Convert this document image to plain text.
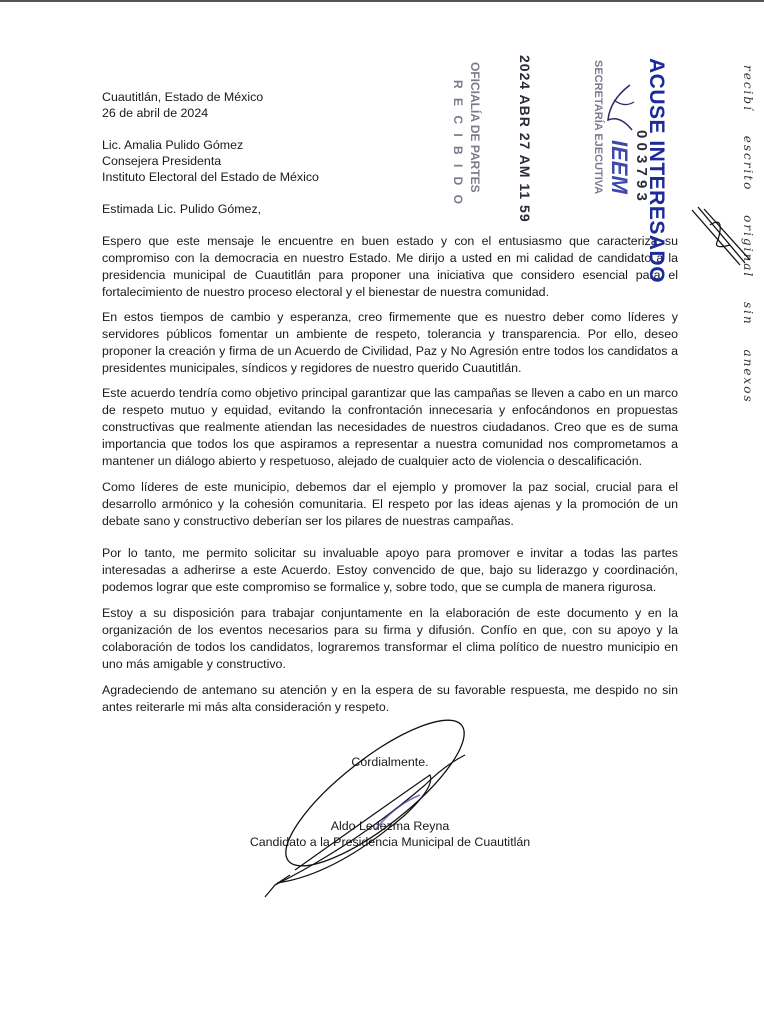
Cuautitlán, Estado de México
26 de abril de 2024
Lic. Amalia Pulido Gómez
Consejera Presidenta
Instituto Electoral del Estado de México
Estimada Lic. Pulido Gómez,

Espero que este mensaje le encuentre en buen estado y con el entusiasmo que caracteriza su compromiso con la democracia en nuestro Estado. Me dirijo a usted en mi calidad de candidato a la presidencia municipal de Cuautitlán para proponer una iniciativa que considero esencial para el fortalecimiento de nuestro proceso electoral y el bienestar de nuestra comunidad.

En estos tiempos de cambio y esperanza, creo firmemente que es nuestro deber como líderes y servidores públicos fomentar un ambiente de respeto, tolerancia y transparencia. Por ello, deseo proponer la creación y firma de un Acuerdo de Civilidad, Paz y No Agresión entre todos los candidatos a presidentes municipales, síndicos y regidores de nuestro querido Cuautitlán.

Este acuerdo tendría como objetivo principal garantizar que las campañas se lleven a cabo en un marco de respeto mutuo y equidad, evitando la confrontación innecesaria y enfocándonos en propuestas constructivas que realmente atiendan las necesidades de nuestros ciudadanos. Creo que es de suma importancia que todos los que aspiramos a representar a nuestra comunidad nos comprometamos a mantener un diálogo abierto y respetuoso, alejado de cualquier acto de violencia o descalificación.

Como líderes de este municipio, debemos dar el ejemplo y promover la paz social, crucial para el desarrollo armónico y la cohesión comunitaria. El respeto por las ideas ajenas y la promoción de un debate sano y constructivo deberían ser los pilares de nuestras campañas.

Por lo tanto, me permito solicitar su invaluable apoyo para promover e invitar a todas las partes interesadas a adherirse a este Acuerdo. Estoy convencido de que, bajo su liderazgo y coordinación, podemos lograr que este compromiso se formalice y, sobre todo, que se cumpla de manera rigurosa.

Estoy a su disposición para trabajar conjuntamente en la elaboración de este documento y en la organización de los eventos necesarios para su firma y difusión. Confío en que, con su apoyo y la colaboración de todos los candidatos, lograremos transformar el clima político de nuestro municipio en uno más amigable y constructivo.

Agradeciendo de antemano su atención y en la espera de su favorable respuesta, me despido no sin antes reiterarle mi más alta consideración y respeto.

Cordialmente.
Aldo Ledezma Reyna
Candidato a la Presidencia Municipal de Cuautitlán
ACUSE INTERESADO
0 0 3 7 9 3
IEEM
SECRETARÍA EJECUTIVA
2024 ABR 27 AM 11 59
OFICIALÍA DE PARTES
R E C I B I D O	recibí escrito original sin anexos
